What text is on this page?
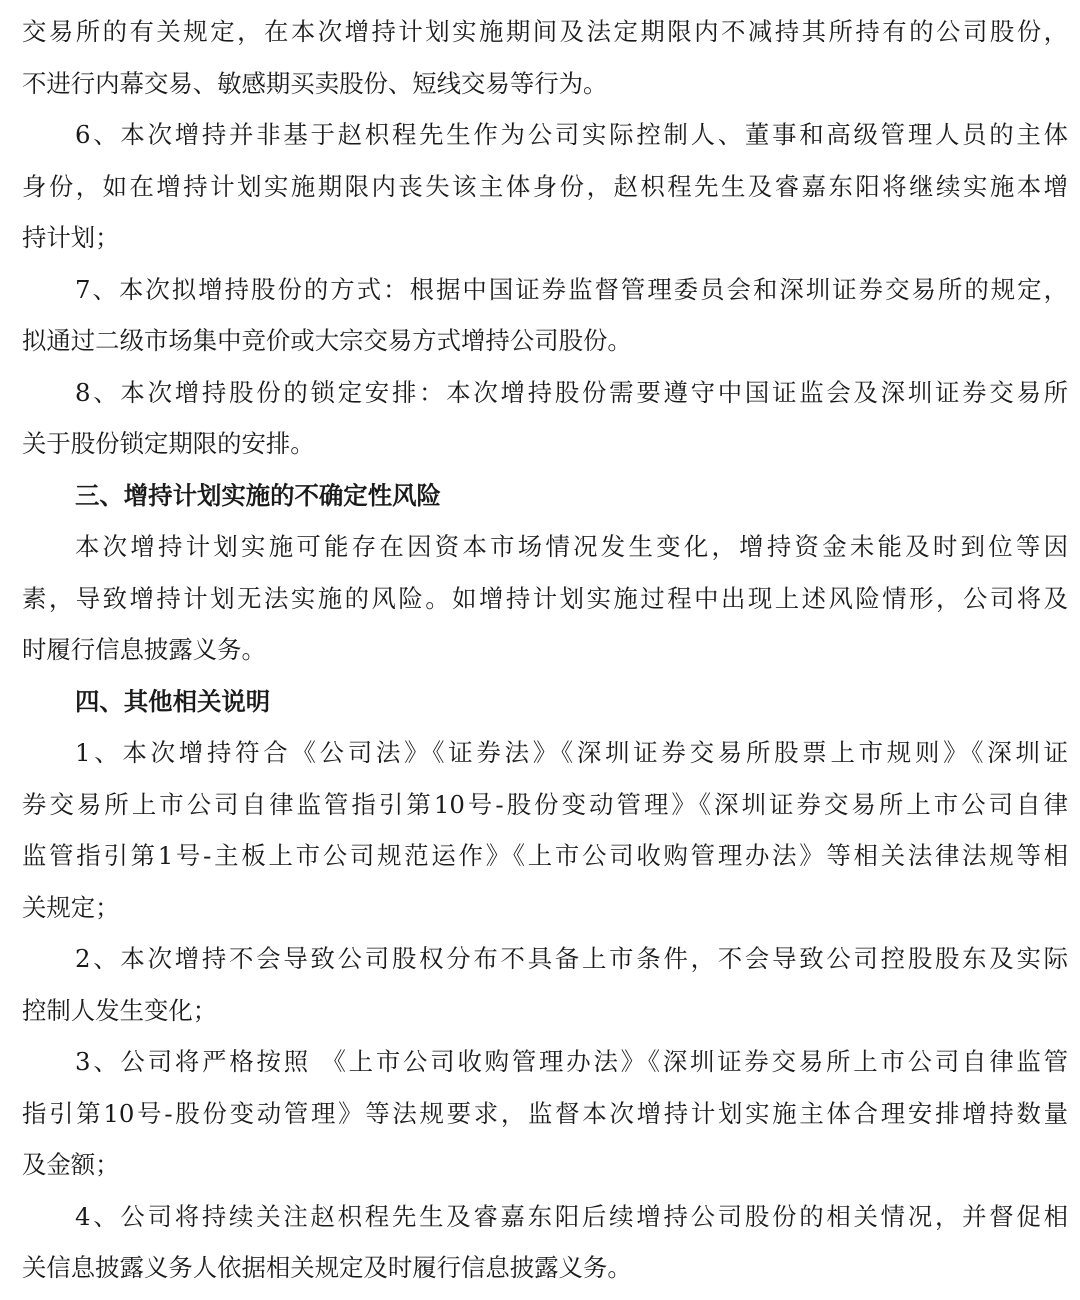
交易所的有关规定，在本次增持计划实施期间及法定期限内不减持其所持有的公司股份，
不进行内幕交易、敏感期买卖股份、短线交易等行为。
6、本次增持并非基于赵枳程先生作为公司实际控制人、董事和高级管理人员的主体
身份，如在增持计划实施期限内丧失该主体身份，赵枳程先生及睿嘉东阳将继续实施本增
持计划；
7、本次拟增持股份的方式：根据中国证券监督管理委员会和深圳证券交易所的规定，
拟通过二级市场集中竞价或大宗交易方式增持公司股份。
8、本次增持股份的锁定安排：本次增持股份需要遵守中国证监会及深圳证券交易所
关于股份锁定期限的安排。
三、增持计划实施的不确定性风险
本次增持计划实施可能存在因资本市场情况发生变化，增持资金未能及时到位等因
素，导致增持计划无法实施的风险。如增持计划实施过程中出现上述风险情形，公司将及
时履行信息披露义务。
四、其他相关说明
1、本次增持符合《公司法》《证券法》《深圳证券交易所股票上市规则》《深圳证
券交易所上市公司自律监管指引第10号-股份变动管理》《深圳证券交易所上市公司自律
监管指引第1号-主板上市公司规范运作》《上市公司收购管理办法》等相关法律法规等相
关规定；
2、本次增持不会导致公司股权分布不具备上市条件，不会导致公司控股股东及实际
控制人发生变化；
3、公司将严格按照 《上市公司收购管理办法》《深圳证券交易所上市公司自律监管
指引第10号-股份变动管理》等法规要求，监督本次增持计划实施主体合理安排增持数量
及金额；
4、公司将持续关注赵枳程先生及睿嘉东阳后续增持公司股份的相关情况，并督促相
关信息披露义务人依据相关规定及时履行信息披露义务。
